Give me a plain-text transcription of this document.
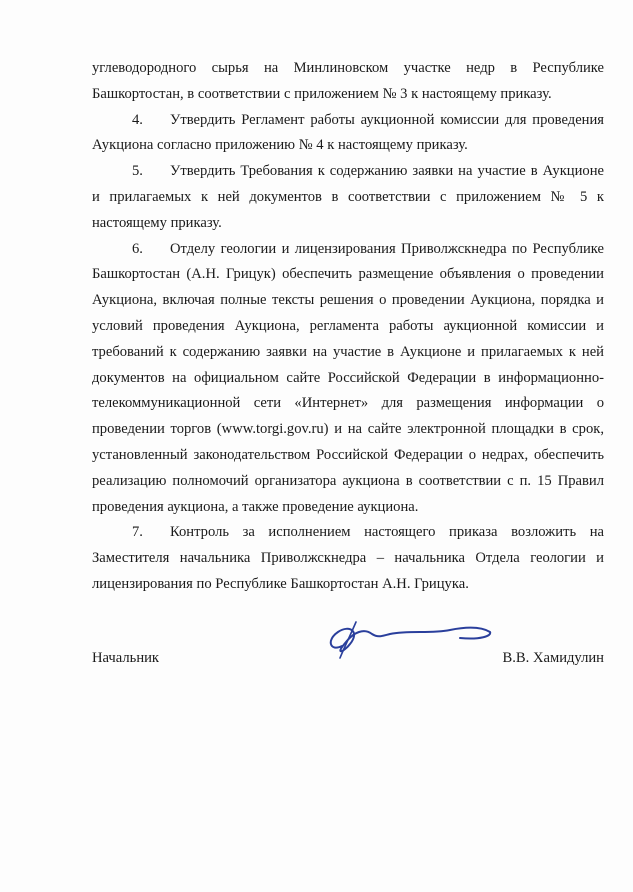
углеводородного сырья на Минлиновском участке недр в Республике Башкортостан, в соответствии с приложением № 3 к настоящему приказу.

4. Утвердить Регламент работы аукционной комиссии для проведения Аукциона согласно приложению № 4 к настоящему приказу.

5. Утвердить Требования к содержанию заявки на участие в Аукционе и прилагаемых к ней документов в соответствии с приложением № 5 к настоящему приказу.

6. Отделу геологии и лицензирования Приволжскнедра по Республике Башкортостан (А.Н. Грицук) обеспечить размещение объявления о проведении Аукциона, включая полные тексты решения о проведении Аукциона, порядка и условий проведения Аукциона, регламента работы аукционной комиссии и требований к содержанию заявки на участие в Аукционе и прилагаемых к ней документов на официальном сайте Российской Федерации в информационно-телекоммуникационной сети «Интернет» для размещения информации о проведении торгов (www.torgi.gov.ru) и на сайте электронной площадки в срок, установленный законодательством Российской Федерации о недрах, обеспечить реализацию полномочий организатора аукциона в соответствии с п. 15 Правил проведения аукциона, а также проведение аукциона.

7. Контроль за исполнением настоящего приказа возложить на Заместителя начальника Приволжскнедра – начальника Отдела геологии и лицензирования по Республике Башкортостан А.Н. Грицука.

Начальник	В.В. Хамидулин
